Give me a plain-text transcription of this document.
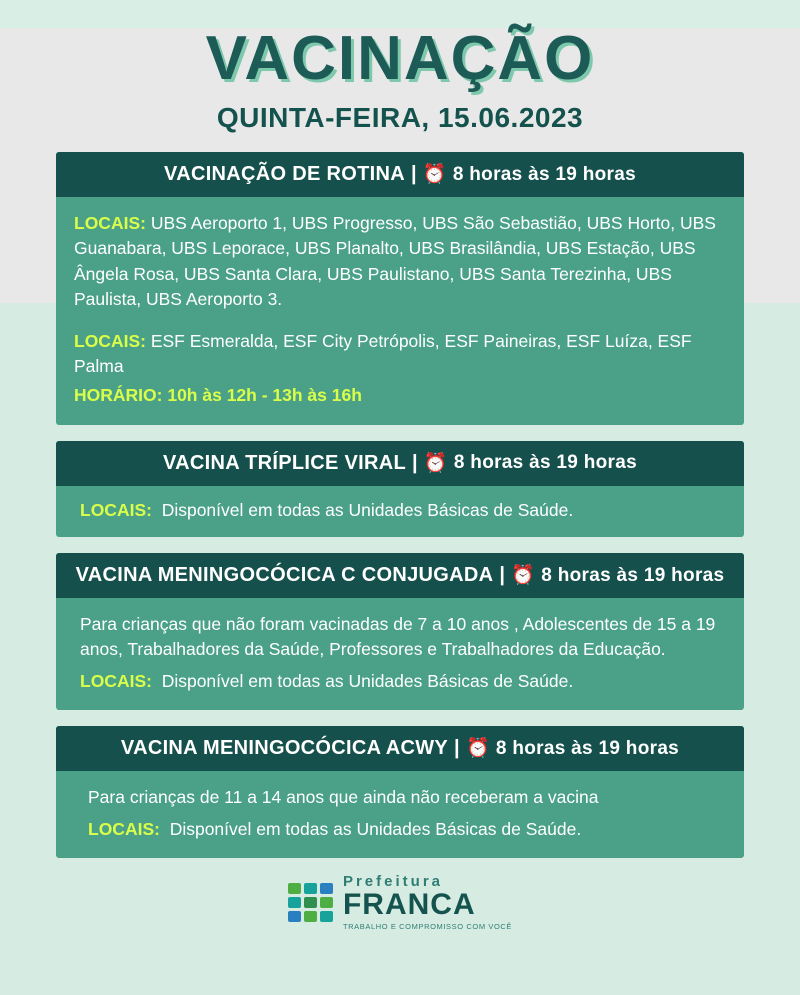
VACINAÇÃO
QUINTA-FEIRA, 15.06.2023
VACINAÇÃO DE ROTINA | ⏰ 8 horas às 19 horas
LOCAIS: UBS Aeroporto 1, UBS Progresso, UBS São Sebastião, UBS Horto, UBS Guanabara, UBS Leporace, UBS Planalto, UBS Brasilândia, UBS Estação, UBS Ângela Rosa, UBS Santa Clara, UBS Paulistano, UBS Santa Terezinha, UBS Paulista, UBS Aeroporto 3.
LOCAIS: ESF Esmeralda, ESF City Petrópolis, ESF Paineiras, ESF Luíza, ESF Palma
HORÁRIO: 10h às 12h - 13h às 16h
VACINA TRÍPLICE VIRAL | ⏰ 8 horas às 19 horas
LOCAIS: Disponível em todas as Unidades Básicas de Saúde.
VACINA MENINGOCÓCICA C CONJUGADA | ⏰ 8 horas às 19 horas
Para crianças que não foram vacinadas de 7 a 10 anos , Adolescentes de 15 a 19 anos, Trabalhadores da Saúde, Professores e Trabalhadores da Educação.
LOCAIS: Disponível em todas as Unidades Básicas de Saúde.
VACINA MENINGOCÓCICA ACWY | ⏰ 8 horas às 19 horas
Para crianças de 11 a 14 anos que ainda não receberam a vacina
LOCAIS: Disponível em todas as Unidades Básicas de Saúde.
Prefeitura
FRANCA
TRABALHO E COMPROMISSO COM VOCÊ
